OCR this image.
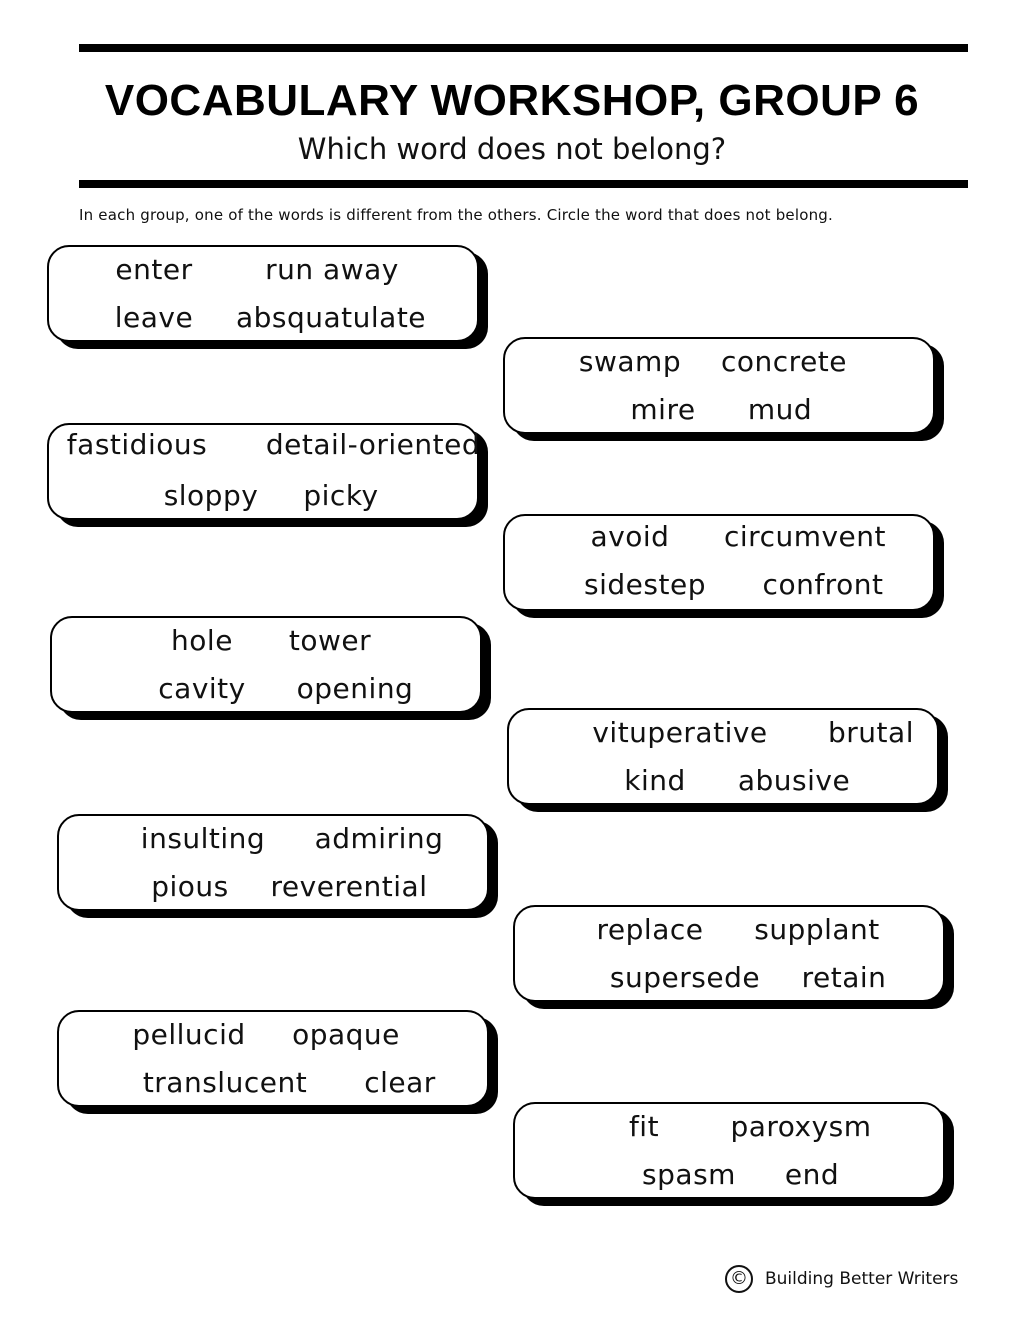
VOCABULARY WORKSHOP, GROUP 6
Which word does not belong?
In each group, one of the words is different from the others. Circle the word that does not belong.
enter	run away
leave absquatulate
fastidious detail-oriented
sloppy picky
hole tower
cavity opening
insulting admiring
pious reverential
pellucid opaque
translucent clear
swamp concrete
mire mud
avoid circumvent
sidestep confront
vituperative brutal
kind abusive
replace supplant
supersede retain
fit	paroxysm
spasm end
© Building Better Writers
